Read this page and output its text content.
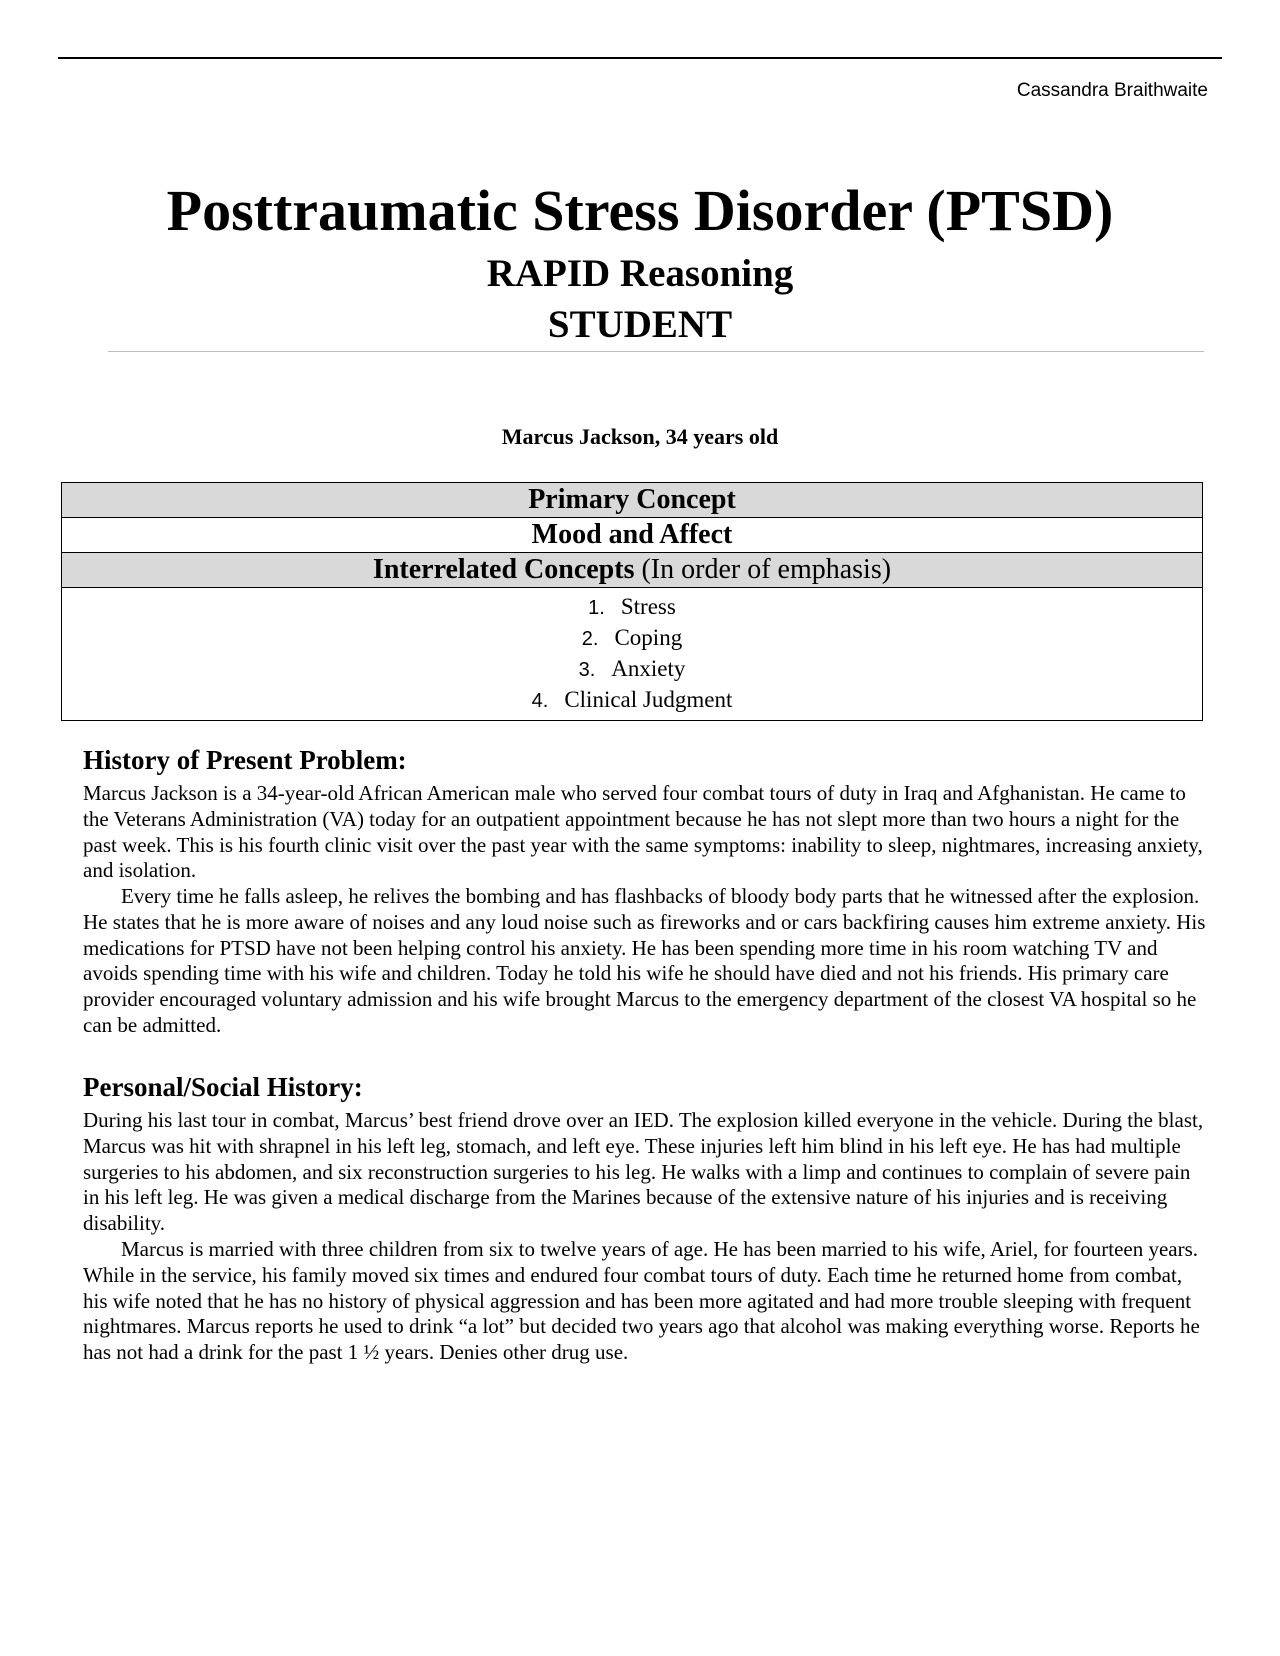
Cassandra Braithwaite
Posttraumatic Stress Disorder (PTSD)
RAPID Reasoning
STUDENT
Marcus Jackson, 34 years old
Primary Concept
Mood and Affect
Interrelated Concepts (In order of emphasis)

1. Stress
2. Coping
3. Anxiety
4. Clinical Judgment
History of Present Problem:

Marcus Jackson is a 34-year-old African American male who served four combat tours of duty in Iraq and Afghanistan. He came to the Veterans Administration (VA) today for an outpatient appointment because he has not slept more than two hours a night for the past week. This is his fourth clinic visit over the past year with the same symptoms: inability to sleep, nightmares, increasing anxiety, and isolation.

Every time he falls asleep, he relives the bombing and has flashbacks of bloody body parts that he witnessed after the explosion. He states that he is more aware of noises and any loud noise such as fireworks and or cars backfiring causes him extreme anxiety. His medications for PTSD have not been helping control his anxiety. He has been spending more time in his room watching TV and avoids spending time with his wife and children. Today he told his wife he should have died and not his friends. His primary care provider encouraged voluntary admission and his wife brought Marcus to the emergency department of the closest VA hospital so he can be admitted.

Personal/Social History:

During his last tour in combat, Marcus’ best friend drove over an IED. The explosion killed everyone in the vehicle. During the blast, Marcus was hit with shrapnel in his left leg, stomach, and left eye. These injuries left him blind in his left eye. He has had multiple surgeries to his abdomen, and six reconstruction surgeries to his leg. He walks with a limp and continues to complain of severe pain in his left leg. He was given a medical discharge from the Marines because of the extensive nature of his injuries and is receiving disability.

Marcus is married with three children from six to twelve years of age. He has been married to his wife, Ariel, for fourteen years. While in the service, his family moved six times and endured four combat tours of duty. Each time he returned home from combat, his wife noted that he has no history of physical aggression and has been more agitated and had more trouble sleeping with frequent nightmares. Marcus reports he used to drink “a lot” but decided two years ago that alcohol was making everything worse. Reports he has not had a drink for the past 1 ½ years. Denies other drug use.
